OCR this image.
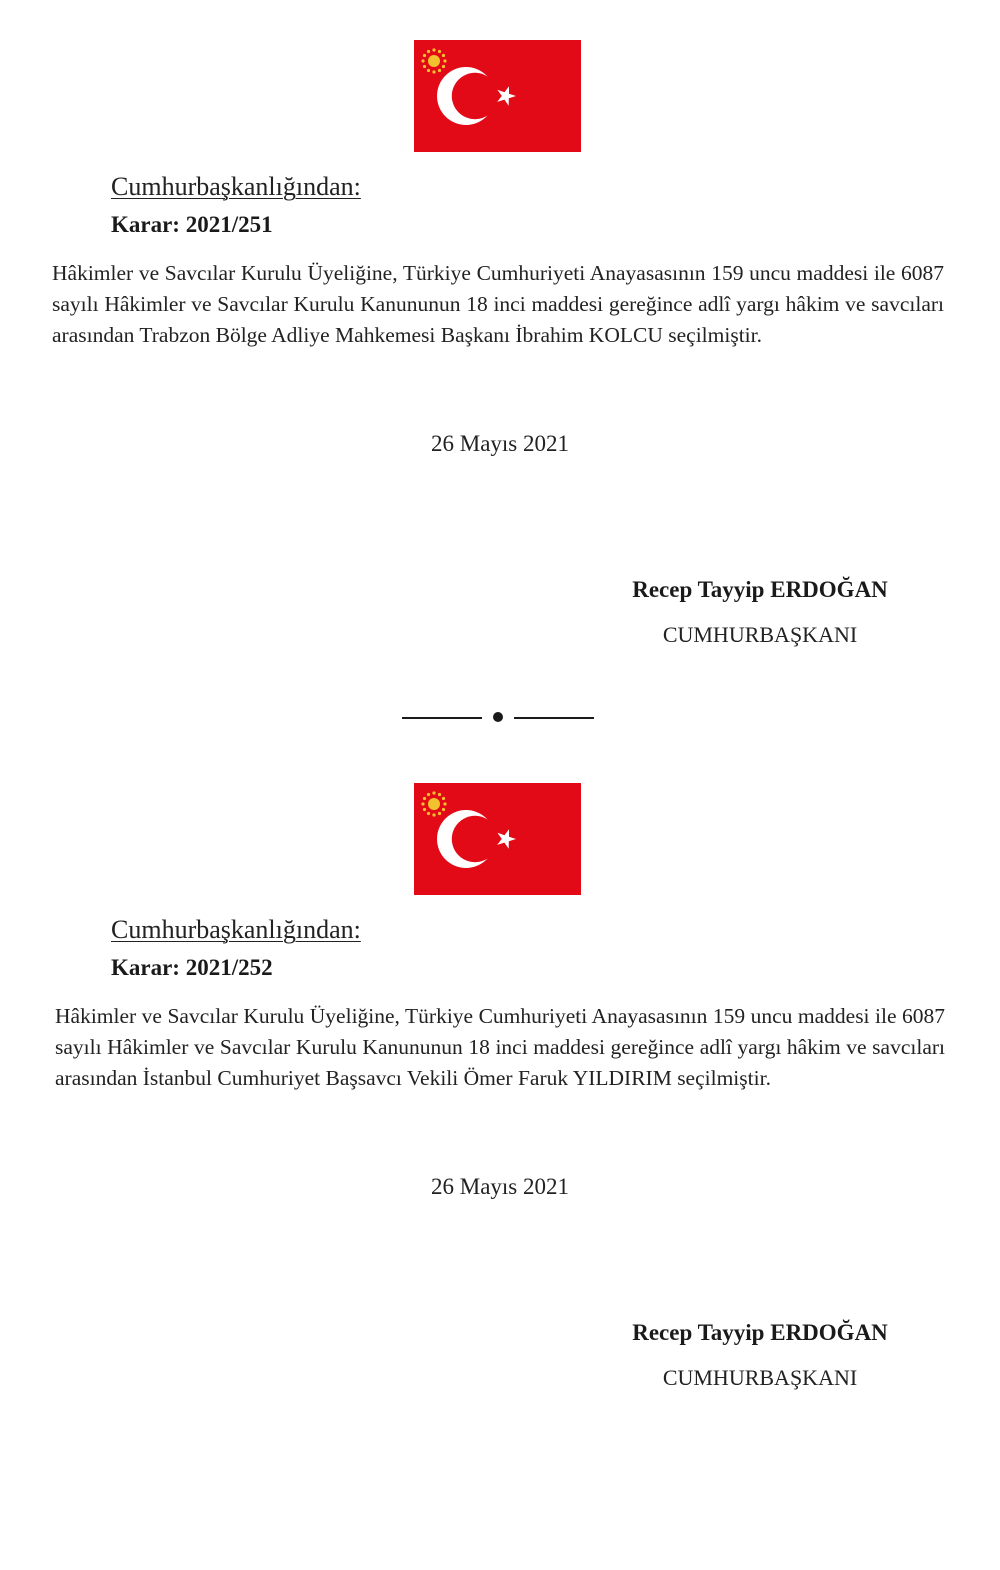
Cumhurbaşkanlığından:
Karar: 2021/251
Hâkimler ve Savcılar Kurulu Üyeliğine, Türkiye Cumhuriyeti Anayasasının 159 uncu maddesi ile 6087 sayılı Hâkimler ve Savcılar Kurulu Kanununun 18 inci maddesi gereğince adlî yargı hâkim ve savcıları arasından Trabzon Bölge Adliye Mahkemesi Başkanı İbrahim KOLCU seçilmiştir.
26 Mayıs 2021
Recep Tayyip ERDOĞAN
CUMHURBAŞKANI
Cumhurbaşkanlığından:
Karar: 2021/252
Hâkimler ve Savcılar Kurulu Üyeliğine, Türkiye Cumhuriyeti Anayasasının 159 uncu maddesi ile 6087 sayılı Hâkimler ve Savcılar Kurulu Kanununun 18 inci maddesi gereğince adlî yargı hâkim ve savcıları arasından İstanbul Cumhuriyet Başsavcı Vekili Ömer Faruk YILDIRIM seçilmiştir.
26 Mayıs 2021
Recep Tayyip ERDOĞAN
CUMHURBAŞKANI
